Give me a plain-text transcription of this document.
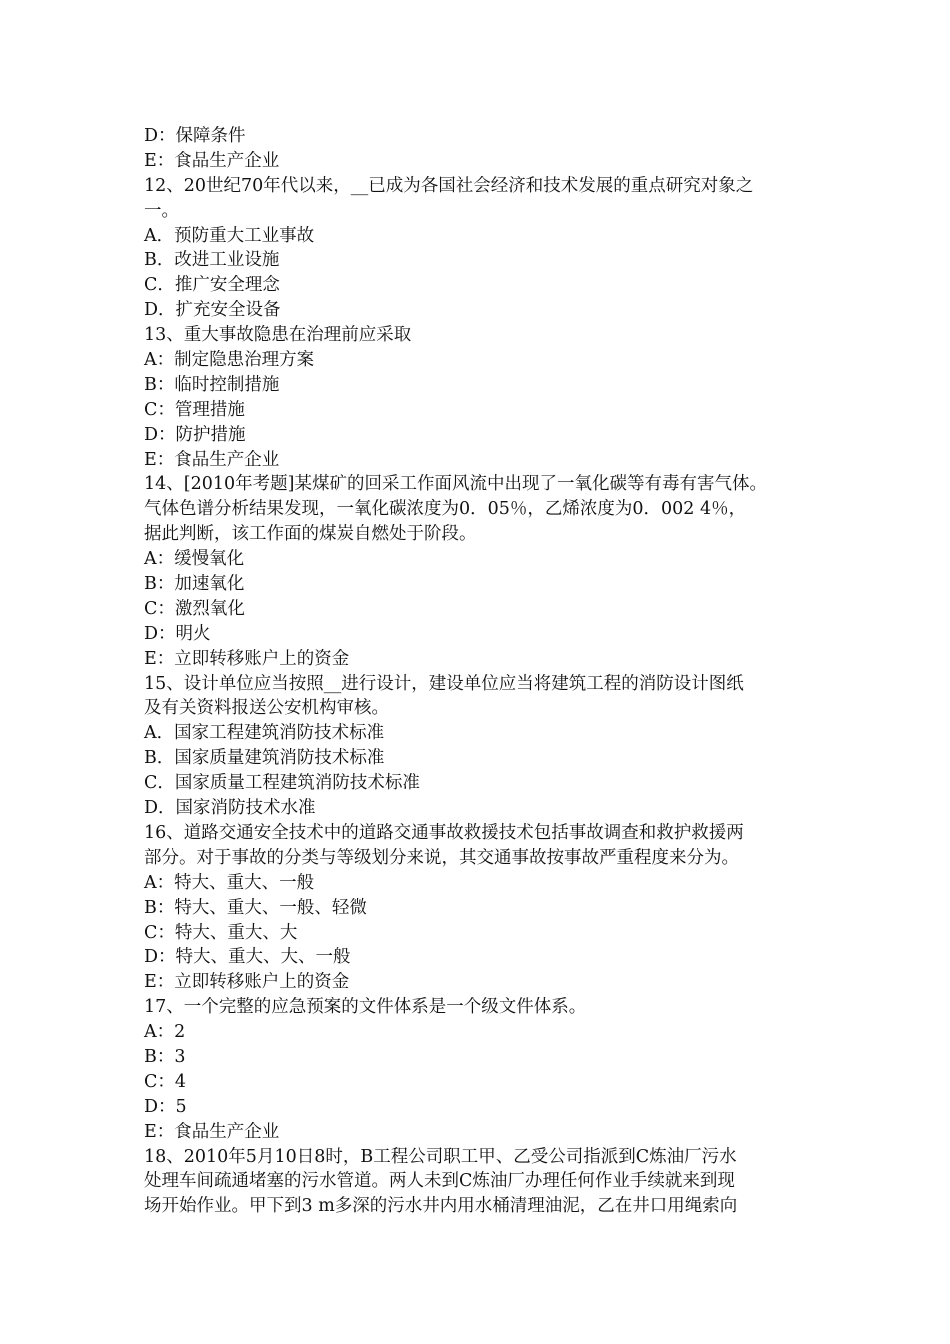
D：保障条件
E：食品生产企业
12、20世纪70年代以来，__已成为各国社会经济和技术发展的重点研究对象之
一。
A．预防重大工业事故
B．改进工业设施
C．推广安全理念
D．扩充安全设备
13、重大事故隐患在治理前应采取
A：制定隐患治理方案
B：临时控制措施
C：管理措施
D：防护措施
E：食品生产企业
14、[2010年考题]某煤矿的回采工作面风流中出现了一氧化碳等有毒有害气体。
气体色谱分析结果发现，一氧化碳浓度为0．05％，乙烯浓度为0．002 4％，
据此判断，该工作面的煤炭自燃处于阶段。
A：缓慢氧化
B：加速氧化
C：激烈氧化
D：明火
E：立即转移账户上的资金
15、设计单位应当按照__进行设计，建设单位应当将建筑工程的消防设计图纸
及有关资料报送公安机构审核。
A．国家工程建筑消防技术标准
B．国家质量建筑消防技术标准
C．国家质量工程建筑消防技术标准
D．国家消防技术水准
16、道路交通安全技术中的道路交通事故救援技术包括事故调查和救护救援两
部分。对于事故的分类与等级划分来说，其交通事故按事故严重程度来分为。
A：特大、重大、一般
B：特大、重大、一般、轻微
C：特大、重大、大
D：特大、重大、大、一般
E：立即转移账户上的资金
17、一个完整的应急预案的文件体系是一个级文件体系。
A：2
B：3
C：4
D：5
E：食品生产企业
18、2010年5月10日8时，B工程公司职工甲、乙受公司指派到C炼油厂污水
处理车间疏通堵塞的污水管道。两人未到C炼油厂办理任何作业手续就来到现
场开始作业。甲下到3 m多深的污水井内用水桶清理油泥，乙在井口用绳索向
